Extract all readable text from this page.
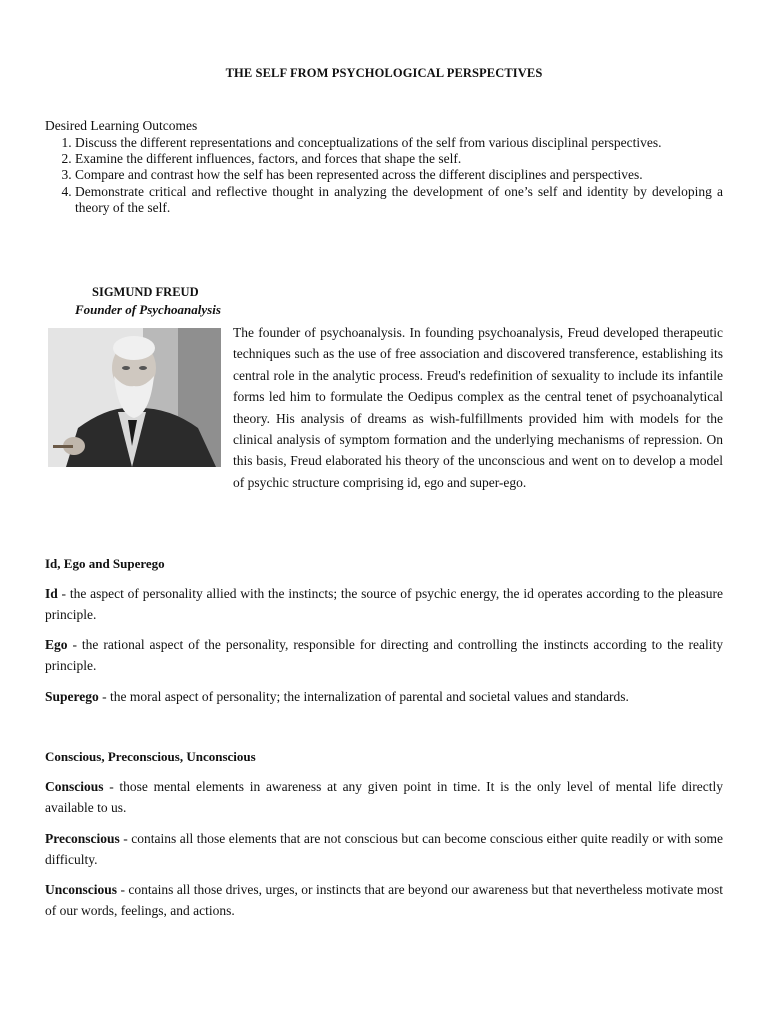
THE SELF FROM PSYCHOLOGICAL PERSPECTIVES
Desired Learning Outcomes
1. Discuss the different representations and conceptualizations of the self from various disciplinal perspectives.
2. Examine the different influences, factors, and forces that shape the self.
3. Compare and contrast how the self has been represented across the different disciplines and perspectives.
4. Demonstrate critical and reflective thought in analyzing the development of one’s self and identity by developing a theory of the self.
SIGMUND FREUD
Founder of Psychoanalysis

The founder of psychoanalysis. In founding psychoanalysis, Freud developed therapeutic techniques such as the use of free association and discovered transference, establishing its central role in the analytic process. Freud's redefinition of sexuality to include its infantile forms led him to formulate the Oedipus complex as the central tenet of psychoanalytical theory. His analysis of dreams as wish-fulfillments provided him with models for the clinical analysis of symptom formation and the underlying mechanisms of repression. On this basis, Freud elaborated his theory of the unconscious and went on to develop a model of psychic structure comprising id, ego and super-ego.

Id, Ego and Superego

Id - the aspect of personality allied with the instincts; the source of psychic energy, the id operates according to the pleasure principle.

Ego - the rational aspect of the personality, responsible for directing and controlling the instincts according to the reality principle.

Superego - the moral aspect of personality; the internalization of parental and societal values and standards.

Conscious, Preconscious, Unconscious

Conscious - those mental elements in awareness at any given point in time. It is the only level of mental life directly available to us.

Preconscious - contains all those elements that are not conscious but can become conscious either quite readily or with some difficulty.

Unconscious - contains all those drives, urges, or instincts that are beyond our awareness but that nevertheless motivate most of our words, feelings, and actions.
